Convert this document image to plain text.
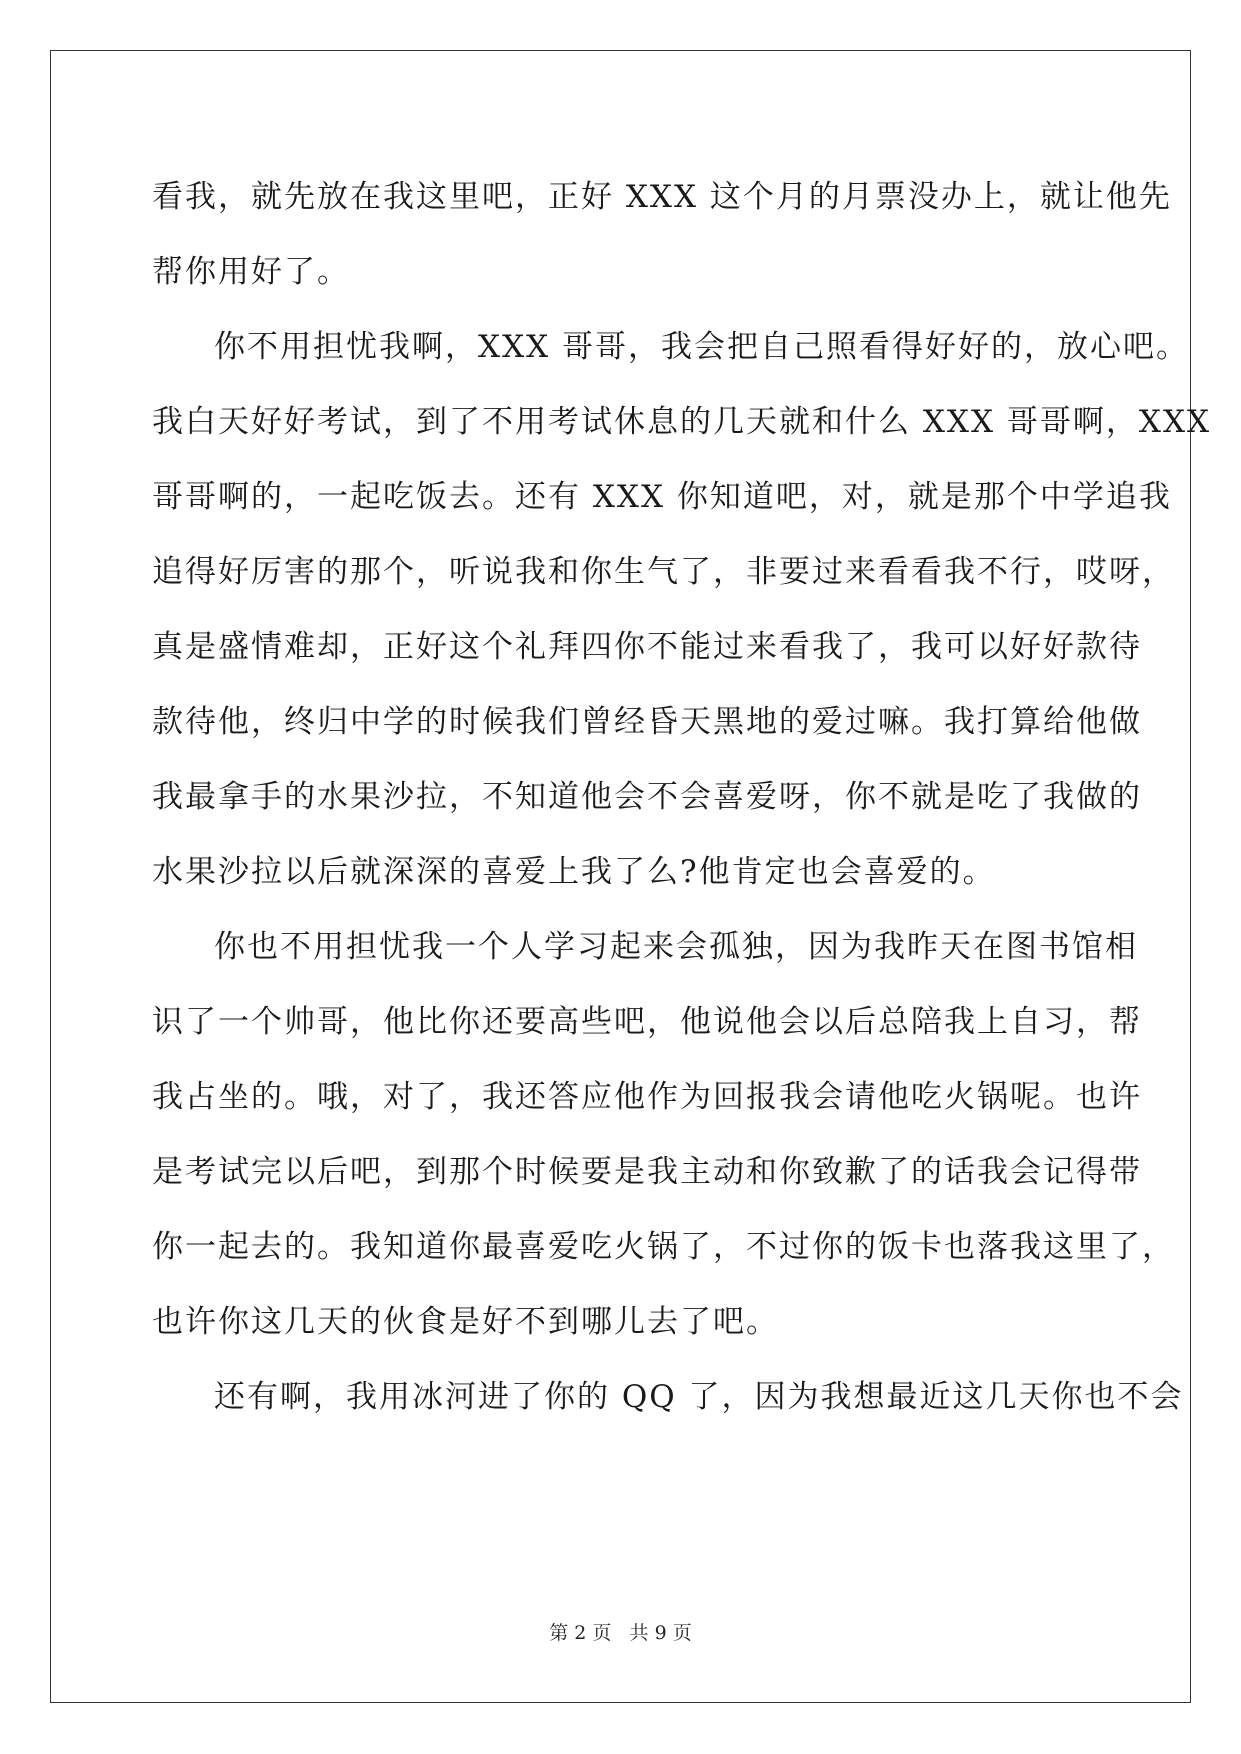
看我，就先放在我这里吧，正好 XXX 这个月的月票没办上，就让他先

帮你用好了。

你不用担忧我啊，XXX 哥哥，我会把自己照看得好好的，放心吧。

我白天好好考试，到了不用考试休息的几天就和什么 XXX 哥哥啊，XXX

哥哥啊的，一起吃饭去。还有 XXX 你知道吧，对，就是那个中学追我

追得好厉害的那个，听说我和你生气了，非要过来看看我不行，哎呀，

真是盛情难却，正好这个礼拜四你不能过来看我了，我可以好好款待

款待他，终归中学的时候我们曾经昏天黑地的爱过嘛。我打算给他做

我最拿手的水果沙拉，不知道他会不会喜爱呀，你不就是吃了我做的

水果沙拉以后就深深的喜爱上我了么?他肯定也会喜爱的。

你也不用担忧我一个人学习起来会孤独，因为我昨天在图书馆相

识了一个帅哥，他比你还要高些吧，他说他会以后总陪我上自习，帮

我占坐的。哦，对了，我还答应他作为回报我会请他吃火锅呢。也许

是考试完以后吧，到那个时候要是我主动和你致歉了的话我会记得带

你一起去的。我知道你最喜爱吃火锅了，不过你的饭卡也落我这里了，

也许你这几天的伙食是好不到哪儿去了吧。

还有啊，我用冰河进了你的 QQ 了，因为我想最近这几天你也不会

第 2 页   共 9 页
